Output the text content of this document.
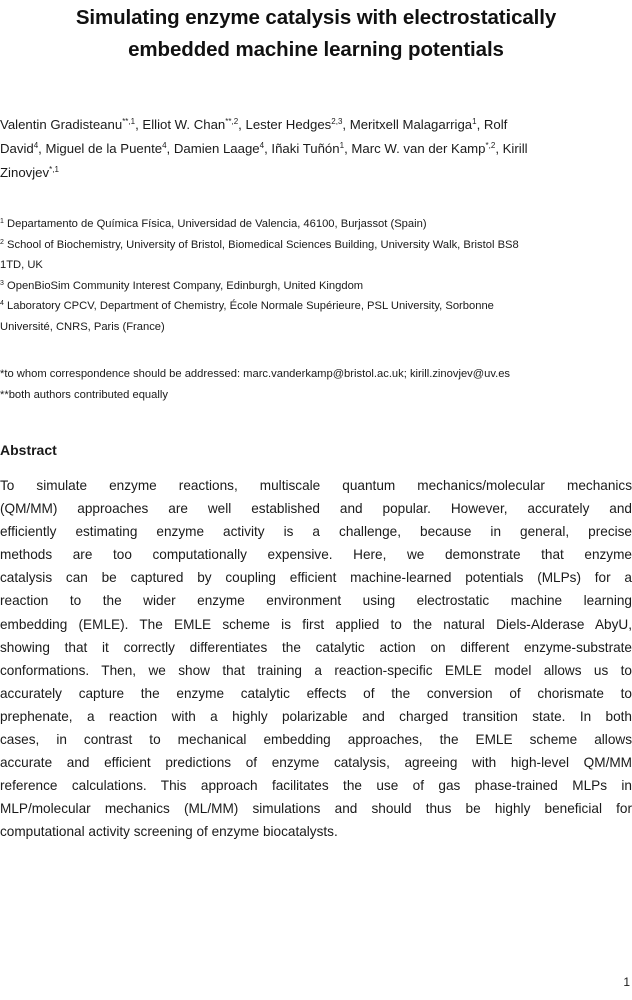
Simulating enzyme catalysis with electrostatically
embedded machine learning potentials
Valentin Gradisteanu$^{**,1}$, Elliot W. Chan$^{**,2}$, Lester Hedges$^{2,3}$, Meritxell Malagarriga$^1$, Rolf
David$^4$, Miguel de la Puente$^4$, Damien Laage$^4$, Iñaki Tuñón$^1$, Marc W. van der Kamp$^{*,2}$, Kirill
Zinovjev$^{*,1}$
$^1$ Departamento de Química Física, Universidad de Valencia, 46100, Burjassot (Spain)
$^2$ School of Biochemistry, University of Bristol, Biomedical Sciences Building, University Walk, Bristol BS8
1TD, UK
$^3$ OpenBioSim Community Interest Company, Edinburgh, United Kingdom
$^4$ Laboratory CPCV, Department of Chemistry, École Normale Supérieure, PSL University, Sorbonne
Université, CNRS, Paris (France)
*to whom correspondence should be addressed: marc.vanderkamp@bristol.ac.uk; kirill.zinovjev@uv.es
**both authors contributed equally
Abstract
To simulate enzyme reactions, multiscale quantum mechanics/molecular mechanics
(QM/MM) approaches are well established and popular. However, accurately and
efficiently estimating enzyme activity is a challenge, because in general, precise
methods are too computationally expensive. Here, we demonstrate that enzyme
catalysis can be captured by coupling efficient machine-learned potentials (MLPs) for a
reaction to the wider enzyme environment using electrostatic machine learning
embedding (EMLE). The EMLE scheme is first applied to the natural Diels-Alderase AbyU,
showing that it correctly differentiates the catalytic action on different enzyme-substrate
conformations. Then, we show that training a reaction-specific EMLE model allows us to
accurately capture the enzyme catalytic effects of the conversion of chorismate to
prephenate, a reaction with a highly polarizable and charged transition state. In both
cases, in contrast to mechanical embedding approaches, the EMLE scheme allows
accurate and efficient predictions of enzyme catalysis, agreeing with high-level QM/MM
reference calculations. This approach facilitates the use of gas phase-trained MLPs in
MLP/molecular mechanics (ML/MM) simulations and should thus be highly beneficial for
computational activity screening of enzyme biocatalysts.
1
